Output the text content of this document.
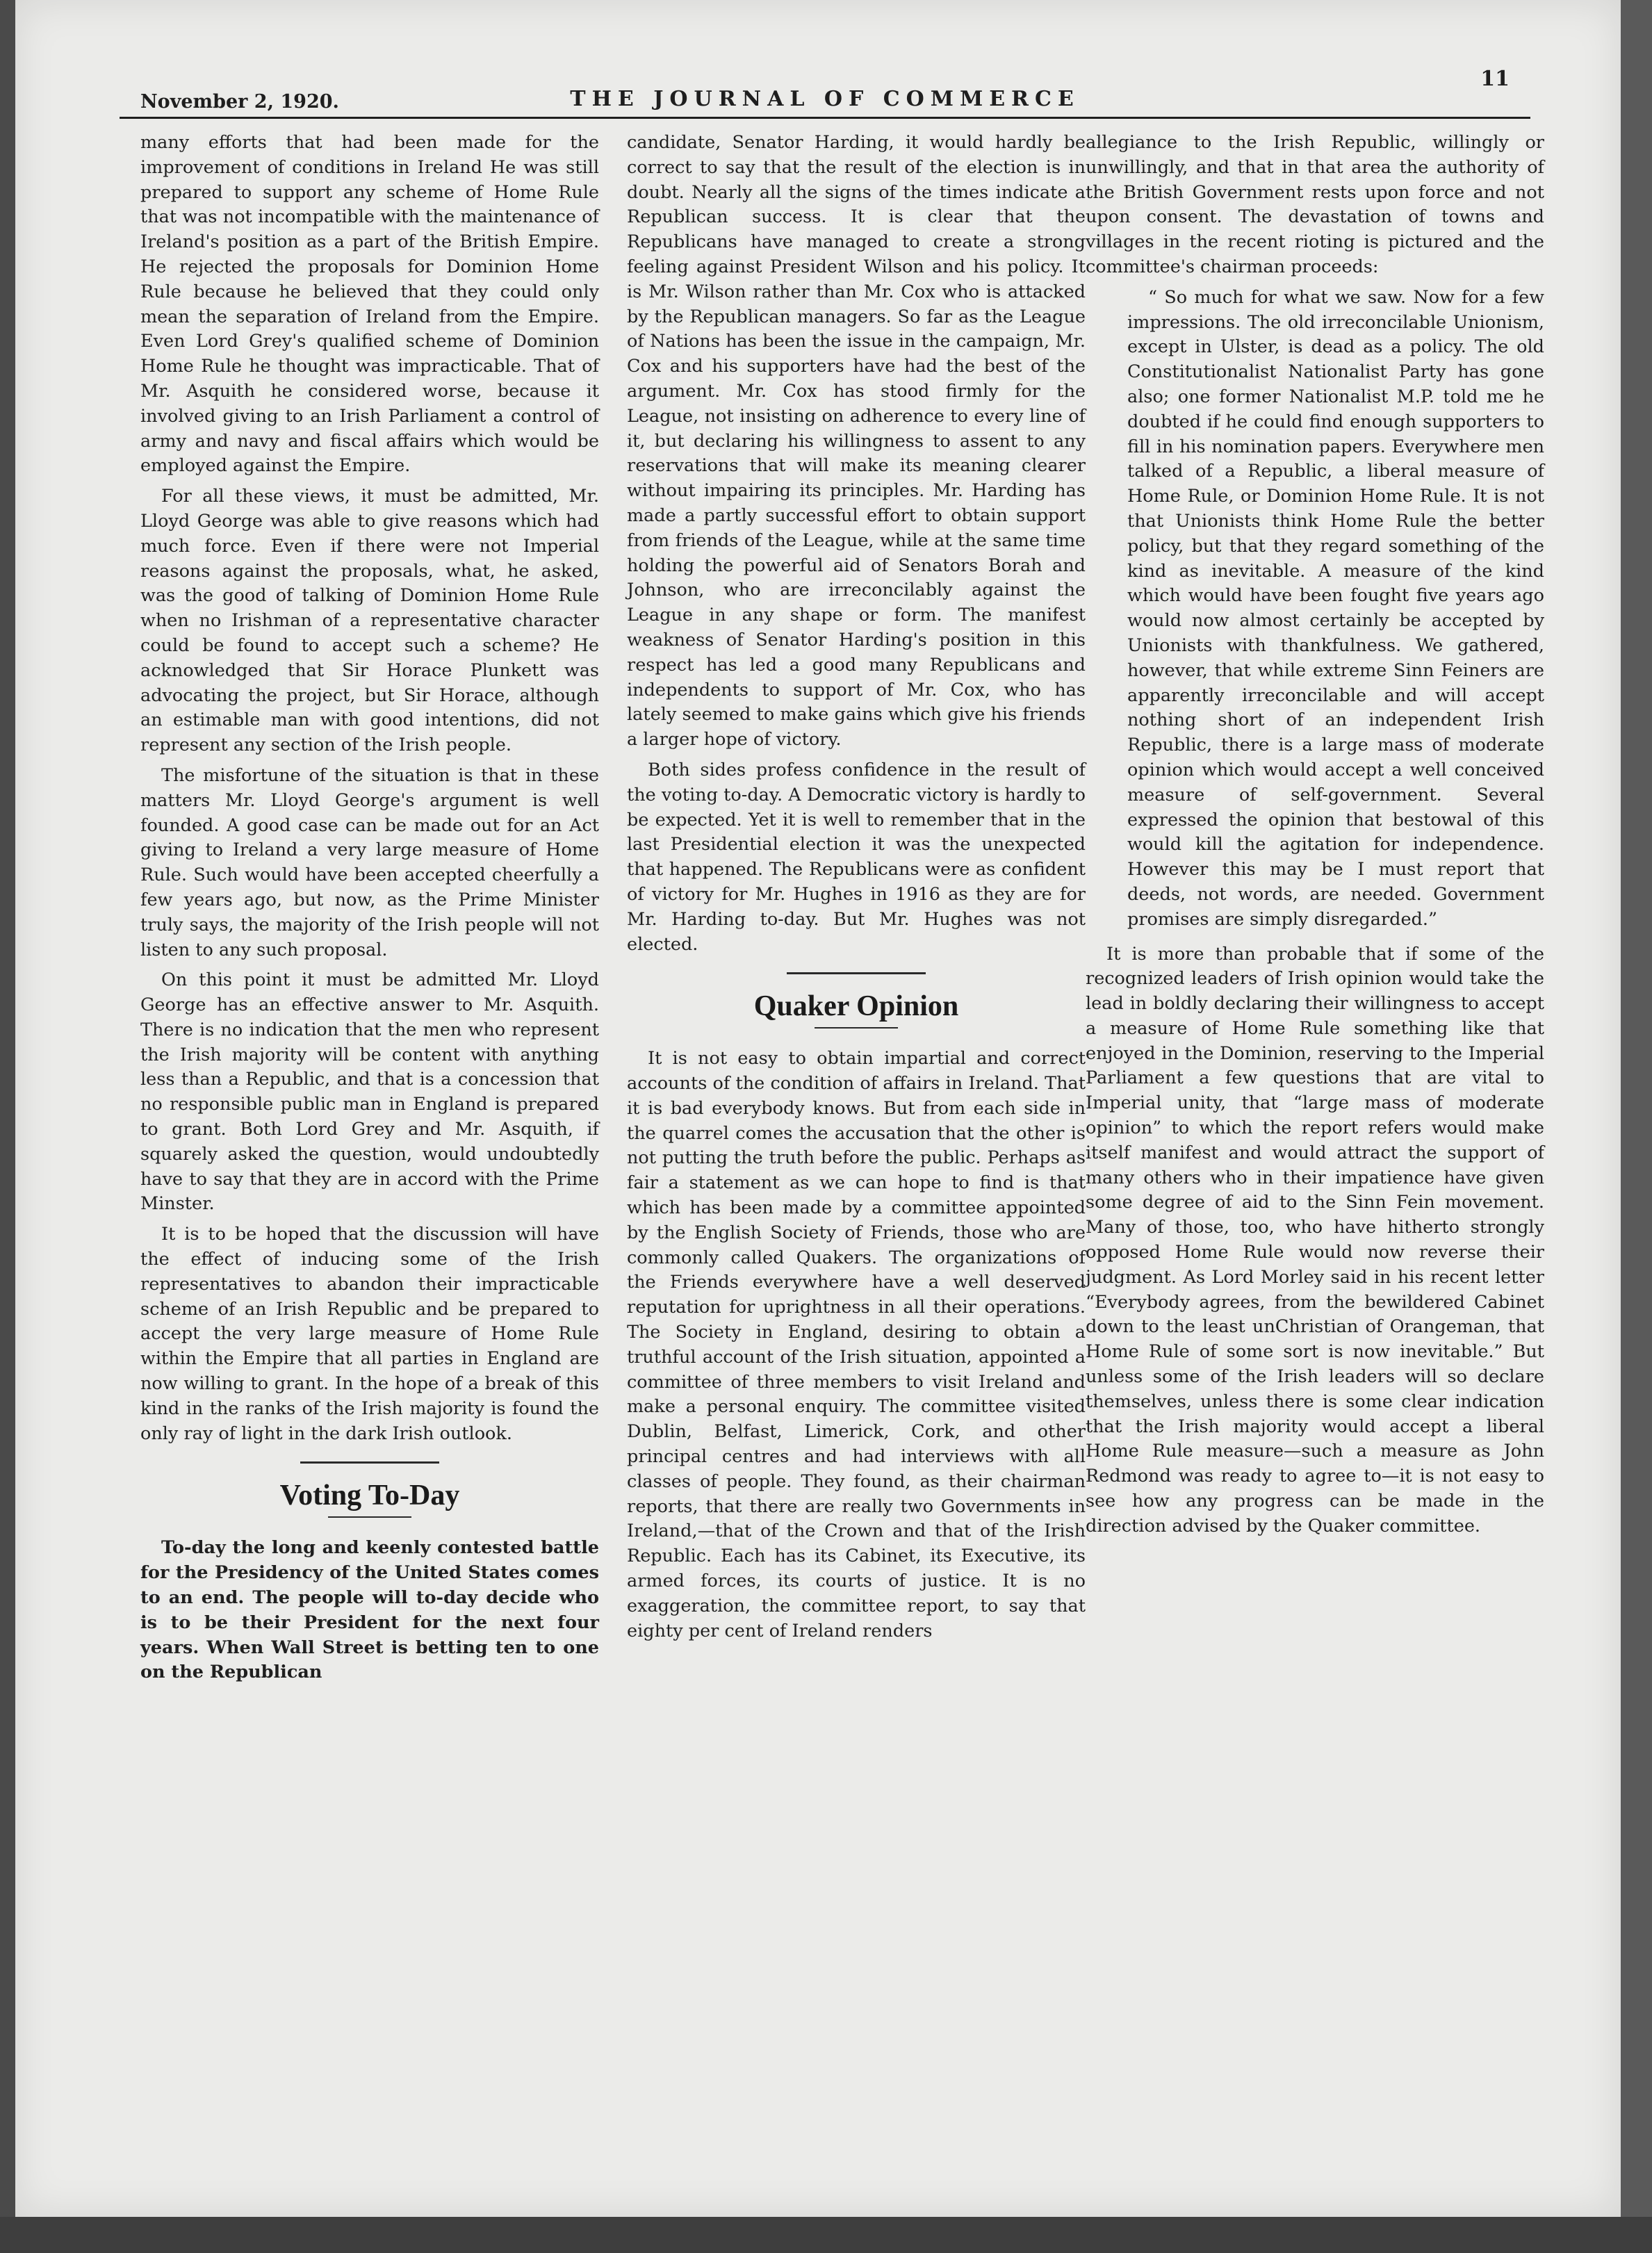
November 2, 1920.	THE JOURNAL OF COMMERCE
11

many efforts that had been made for the improvement of conditions in Ireland He was still prepared to support any scheme of Home Rule that was not incompatible with the maintenance of Ireland's position as a part of the British Empire. He rejected the proposals for Dominion Home Rule because he believed that they could only mean the separation of Ireland from the Empire. Even Lord Grey's qualified scheme of Dominion Home Rule he thought was impracticable. That of Mr. Asquith he considered worse, because it involved giving to an Irish Parliament a control of army and navy and fiscal affairs which would be employed against the Empire.

For all these views, it must be admitted, Mr. Lloyd George was able to give reasons which had much force. Even if there were not Imperial reasons against the proposals, what, he asked, was the good of talking of Dominion Home Rule when no Irishman of a representative character could be found to accept such a scheme? He acknowledged that Sir Horace Plunkett was advocating the project, but Sir Horace, although an estimable man with good intentions, did not represent any section of the Irish people.

The misfortune of the situation is that in these matters Mr. Lloyd George's argument is well founded. A good case can be made out for an Act giving to Ireland a very large measure of Home Rule. Such would have been accepted cheerfully a few years ago, but now, as the Prime Minister truly says, the majority of the Irish people will not listen to any such proposal.

On this point it must be admitted Mr. Lloyd George has an effective answer to Mr. Asquith. There is no indication that the men who represent the Irish majority will be content with anything less than a Republic, and that is a concession that no responsible public man in England is prepared to grant. Both Lord Grey and Mr. Asquith, if squarely asked the question, would undoubtedly have to say that they are in accord with the Prime Minster.

It is to be hoped that the discussion will have the effect of inducing some of the Irish representatives to abandon their impracticable scheme of an Irish Republic and be prepared to accept the very large measure of Home Rule within the Empire that all parties in England are now willing to grant. In the hope of a break of this kind in the ranks of the Irish majority is found the only ray of light in the dark Irish outlook.

Voting To-Day

To-day the long and keenly contested battle for the Presidency of the United States comes to an end. The people will to-day decide who is to be their President for the next four years. When Wall Street is betting ten to one on the Republican

candidate, Senator Harding, it would hardly be correct to say that the result of the election is in doubt. Nearly all the signs of the times indicate a Republican success. It is clear that the Republicans have managed to create a strong feeling against President Wilson and his policy. It is Mr. Wilson rather than Mr. Cox who is attacked by the Republican managers. So far as the League of Nations has been the issue in the campaign, Mr. Cox and his supporters have had the best of the argument. Mr. Cox has stood firmly for the League, not insisting on adherence to every line of it, but declaring his willingness to assent to any reservations that will make its meaning clearer without impairing its principles. Mr. Harding has made a partly successful effort to obtain support from friends of the League, while at the same time holding the powerful aid of Senators Borah and Johnson, who are irreconcilably against the League in any shape or form. The manifest weakness of Senator Harding's position in this respect has led a good many Republicans and independents to support of Mr. Cox, who has lately seemed to make gains which give his friends a larger hope of victory.

Both sides profess confidence in the result of the voting to-day. A Democratic victory is hardly to be expected. Yet it is well to remember that in the last Presidential election it was the unexpected that happened. The Republicans were as confident of victory for Mr. Hughes in 1916 as they are for Mr. Harding to-day. But Mr. Hughes was not elected.

Quaker Opinion

It is not easy to obtain impartial and correct accounts of the condition of affairs in Ireland. That it is bad everybody knows. But from each side in the quarrel comes the accusation that the other is not putting the truth before the public. Perhaps as fair a statement as we can hope to find is that which has been made by a committee appointed by the English Society of Friends, those who are commonly called Quakers. The organizations of the Friends everywhere have a well deserved reputation for uprightness in all their operations. The Society in England, desiring to obtain a truthful account of the Irish situation, appointed a committee of three members to visit Ireland and make a personal enquiry. The committee visited Dublin, Belfast, Limerick, Cork, and other principal centres and had interviews with all classes of people. They found, as their chairman reports, that there are really two Governments in Ireland,—that of the Crown and that of the Irish Republic. Each has its Cabinet, its Executive, its armed forces, its courts of justice. It is no exaggeration, the committee report, to say that eighty per cent of Ireland renders

allegiance to the Irish Republic, willingly or unwillingly, and that in that area the authority of the British Government rests upon force and not upon consent. The devastation of towns and villages in the recent rioting is pictured and the committee's chairman proceeds:

“ So much for what we saw. Now for a few impressions. The old irreconcilable Unionism, except in Ulster, is dead as a policy. The old Constitutionalist Nationalist Party has gone also; one former Nationalist M.P. told me he doubted if he could find enough supporters to fill in his nomination papers. Everywhere men talked of a Republic, a liberal measure of Home Rule, or Dominion Home Rule. It is not that Unionists think Home Rule the better policy, but that they regard something of the kind as inevitable. A measure of the kind which would have been fought five years ago would now almost certainly be accepted by Unionists with thankfulness. We gathered, however, that while extreme Sinn Feiners are apparently irreconcilable and will accept nothing short of an independent Irish Republic, there is a large mass of moderate opinion which would accept a well conceived measure of self-government. Several expressed the opinion that bestowal of this would kill the agitation for independence. However this may be I must report that deeds, not words, are needed. Government promises are simply disregarded.”

It is more than probable that if some of the recognized leaders of Irish opinion would take the lead in boldly declaring their willingness to accept a measure of Home Rule something like that enjoyed in the Dominion, reserving to the Imperial Parliament a few questions that are vital to Imperial unity, that “large mass of moderate opinion” to which the report refers would make itself manifest and would attract the support of many others who in their impatience have given some degree of aid to the Sinn Fein movement. Many of those, too, who have hitherto strongly opposed Home Rule would now reverse their judgment. As Lord Morley said in his recent letter “Everybody agrees, from the bewildered Cabinet down to the least unChristian of Orangeman, that Home Rule of some sort is now inevitable.” But unless some of the Irish leaders will so declare themselves, unless there is some clear indication that the Irish majority would accept a liberal Home Rule measure—such a measure as John Redmond was ready to agree to—it is not easy to see how any progress can be made in the direction advised by the Quaker committee.
